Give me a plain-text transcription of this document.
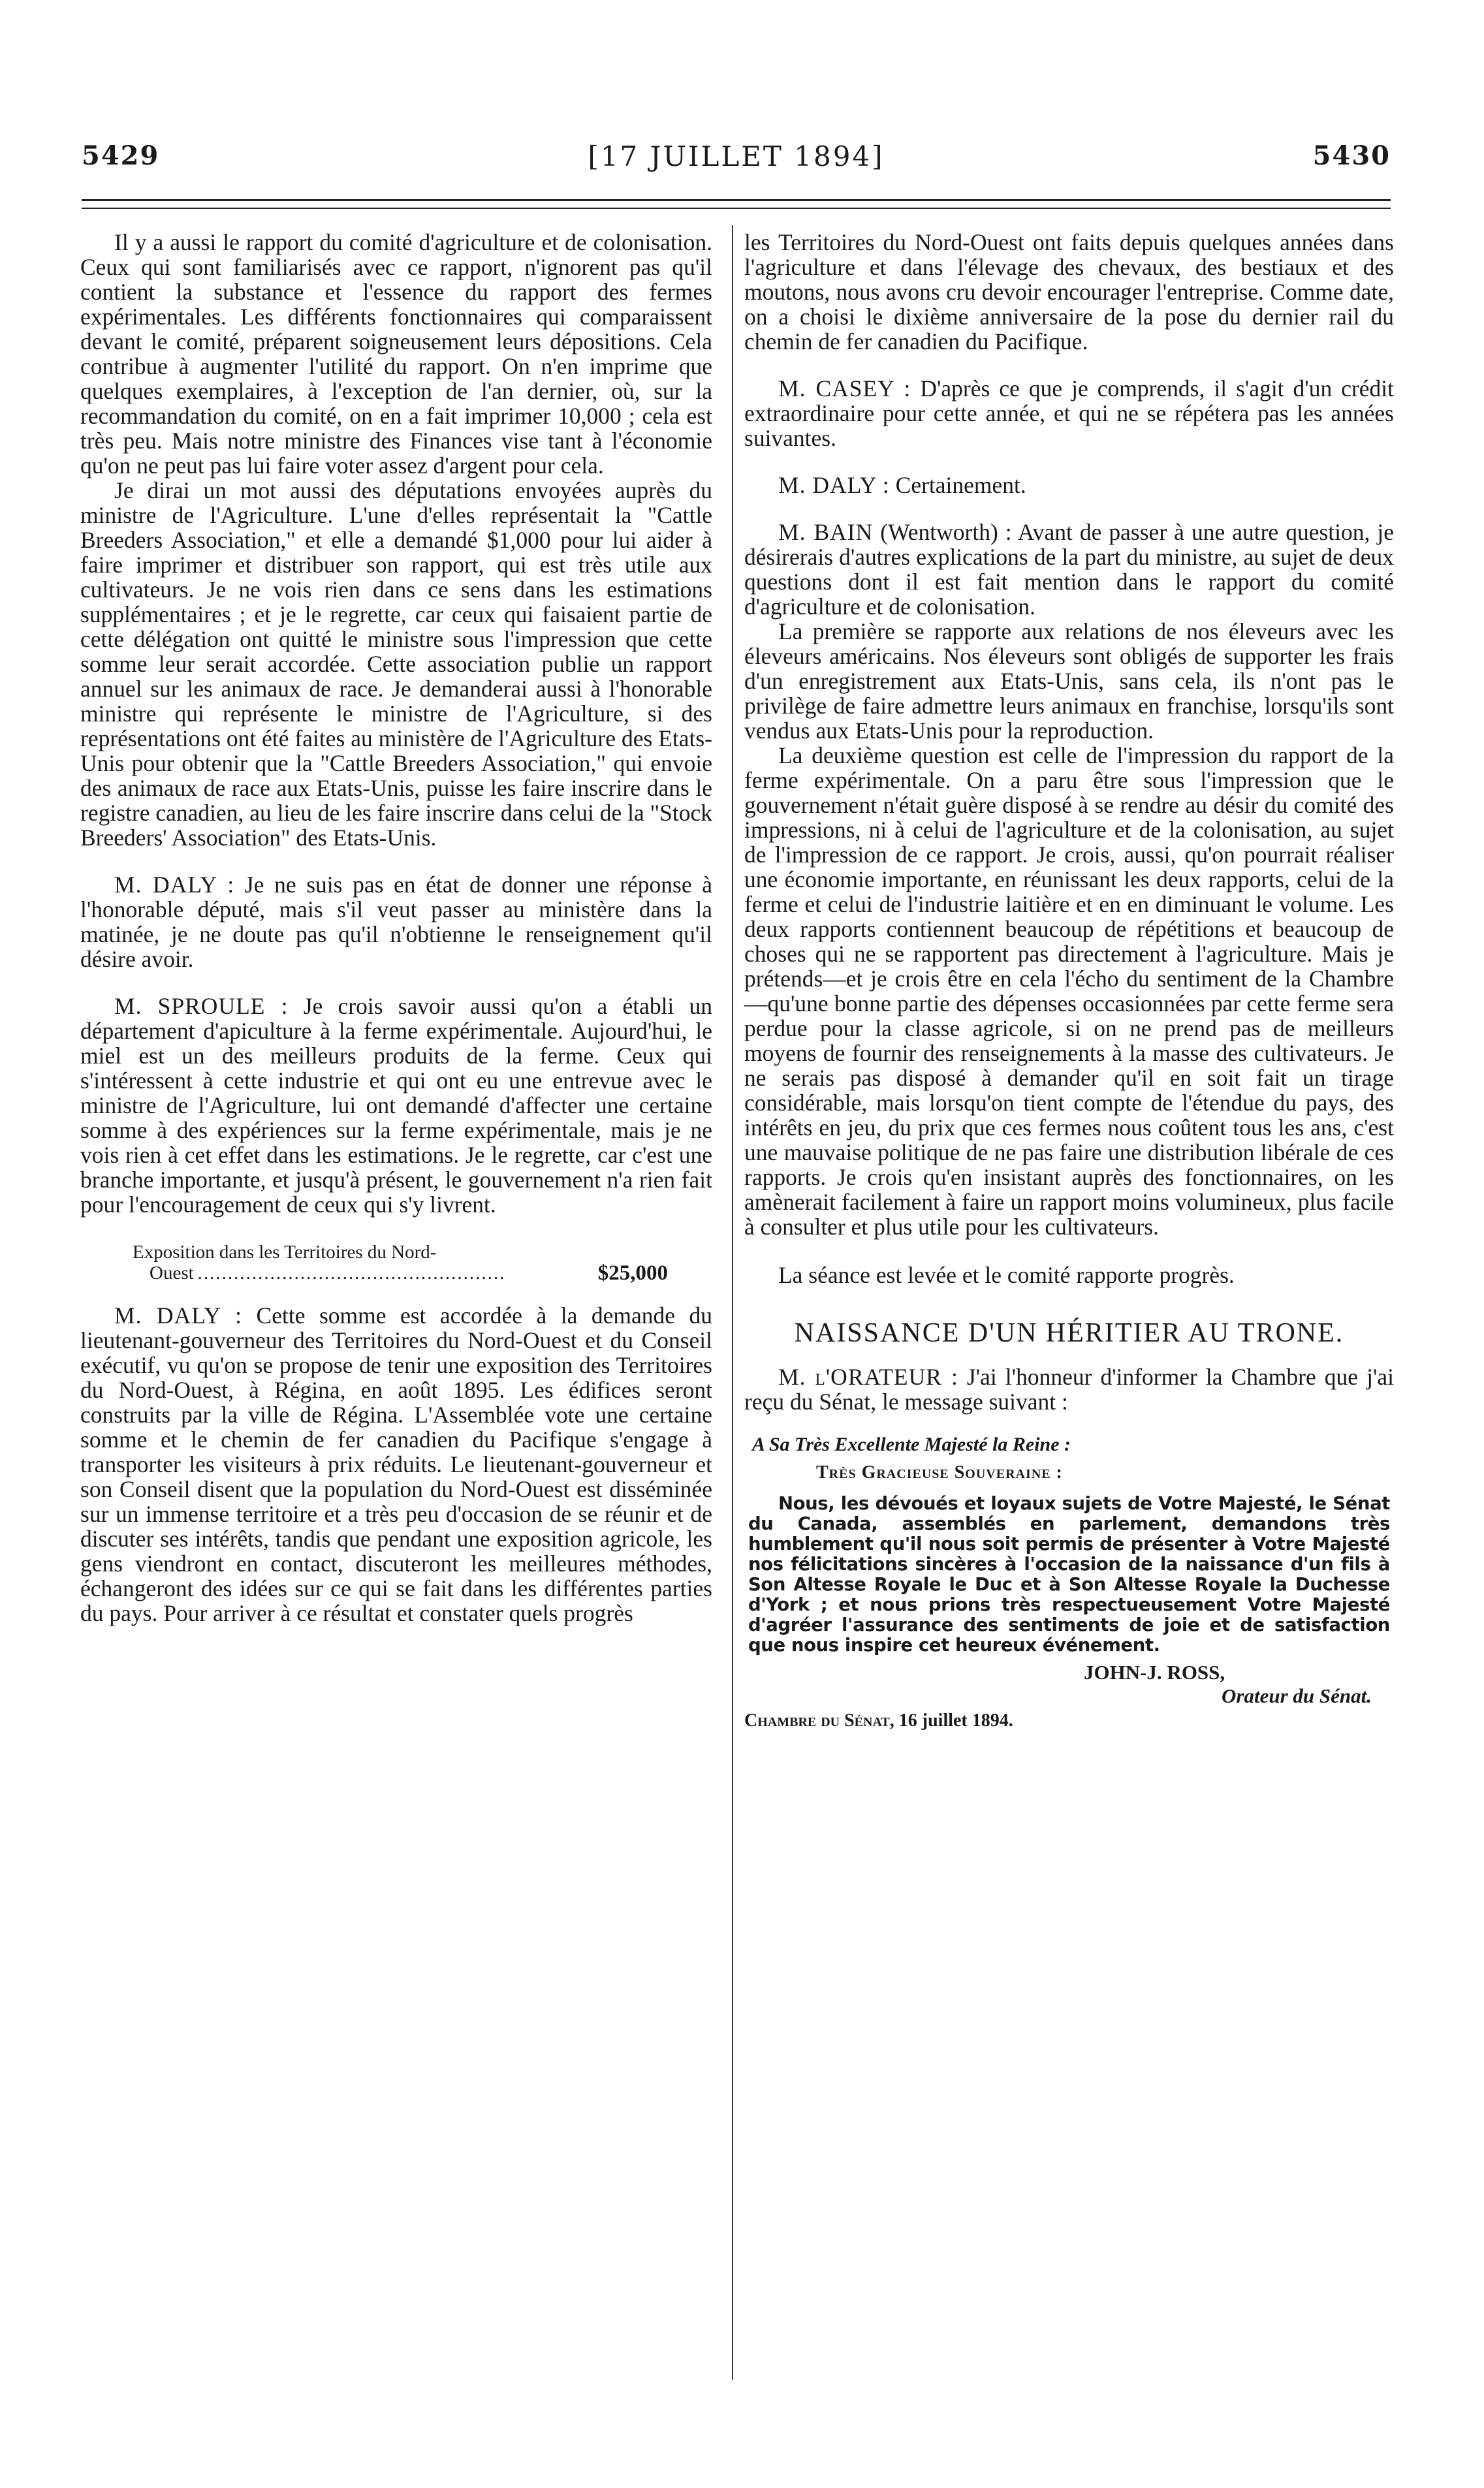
5429	[17 JUILLET 1894]	5430

Il y a aussi le rapport du comité d'agriculture et de colonisation. Ceux qui sont familiarisés avec ce rapport, n'ignorent pas qu'il contient la substance et l'essence du rapport des fermes expérimentales. Les différents fonctionnaires qui comparaissent devant le comité, préparent soigneusement leurs dépositions. Cela contribue à augmenter l'utilité du rapport. On n'en imprime que quelques exemplaires, à l'exception de l'an dernier, où, sur la recommandation du comité, on en a fait imprimer 10,000 ; cela est très peu. Mais notre ministre des Finances vise tant à l'économie qu'on ne peut pas lui faire voter assez d'argent pour cela.

Je dirai un mot aussi des députations envoyées auprès du ministre de l'Agriculture. L'une d'elles représentait la "Cattle Breeders Association," et elle a demandé $1,000 pour lui aider à faire imprimer et distribuer son rapport, qui est très utile aux cultivateurs. Je ne vois rien dans ce sens dans les estimations supplémentaires ; et je le regrette, car ceux qui faisaient partie de cette délégation ont quitté le ministre sous l'impression que cette somme leur serait accordée. Cette association publie un rapport annuel sur les animaux de race. Je demanderai aussi à l'honorable ministre qui représente le ministre de l'Agriculture, si des représentations ont été faites au ministère de l'Agriculture des Etats-Unis pour obtenir que la "Cattle Breeders Association," qui envoie des animaux de race aux Etats-Unis, puisse les faire inscrire dans le registre canadien, au lieu de les faire inscrire dans celui de la "Stock Breeders' Association" des Etats-Unis.

M. DALY : Je ne suis pas en état de donner une réponse à l'honorable député, mais s'il veut passer au ministère dans la matinée, je ne doute pas qu'il n'obtienne le renseignement qu'il désire avoir.

M. SPROULE : Je crois savoir aussi qu'on a établi un département d'apiculture à la ferme expérimentale. Aujourd'hui, le miel est un des meilleurs produits de la ferme. Ceux qui s'intéressent à cette industrie et qui ont eu une entrevue avec le ministre de l'Agriculture, lui ont demandé d'affecter une certaine somme à des expériences sur la ferme expérimentale, mais je ne vois rien à cet effet dans les estimations. Je le regrette, car c'est une branche importante, et jusqu'à présent, le gouvernement n'a rien fait pour l'encouragement de ceux qui s'y livrent.

Exposition dans les Territoires du Nord-
Ouest ...................................................	$25,000

M. DALY : Cette somme est accordée à la demande du lieutenant-gouverneur des Territoires du Nord-Ouest et du Conseil exécutif, vu qu'on se propose de tenir une exposition des Territoires du Nord-Ouest, à Régina, en août 1895. Les édifices seront construits par la ville de Régina. L'Assemblée vote une certaine somme et le chemin de fer canadien du Pacifique s'engage à transporter les visiteurs à prix réduits. Le lieutenant-gouverneur et son Conseil disent que la population du Nord-Ouest est disséminée sur un immense territoire et a très peu d'occasion de se réunir et de discuter ses intérêts, tandis que pendant une exposition agricole, les gens viendront en contact, discuteront les meilleures méthodes, échangeront des idées sur ce qui se fait dans les différentes parties du pays. Pour arriver à ce résultat et constater quels progrès

les Territoires du Nord-Ouest ont faits depuis quelques années dans l'agriculture et dans l'élevage des chevaux, des bestiaux et des moutons, nous avons cru devoir encourager l'entreprise. Comme date, on a choisi le dixième anniversaire de la pose du dernier rail du chemin de fer canadien du Pacifique.

M. CASEY : D'après ce que je comprends, il s'agit d'un crédit extraordinaire pour cette année, et qui ne se répétera pas les années suivantes.

M. DALY : Certainement.

M. BAIN (Wentworth) : Avant de passer à une autre question, je désirerais d'autres explications de la part du ministre, au sujet de deux questions dont il est fait mention dans le rapport du comité d'agriculture et de colonisation.

La première se rapporte aux relations de nos éleveurs avec les éleveurs américains. Nos éleveurs sont obligés de supporter les frais d'un enregistrement aux Etats-Unis, sans cela, ils n'ont pas le privilège de faire admettre leurs animaux en franchise, lorsqu'ils sont vendus aux Etats-Unis pour la reproduction.

La deuxième question est celle de l'impression du rapport de la ferme expérimentale. On a paru être sous l'impression que le gouvernement n'était guère disposé à se rendre au désir du comité des impressions, ni à celui de l'agriculture et de la colonisation, au sujet de l'impression de ce rapport. Je crois, aussi, qu'on pourrait réaliser une économie importante, en réunissant les deux rapports, celui de la ferme et celui de l'industrie laitière et en en diminuant le volume. Les deux rapports contiennent beaucoup de répétitions et beaucoup de choses qui ne se rapportent pas directement à l'agriculture. Mais je prétends—et je crois être en cela l'écho du sentiment de la Chambre—qu'une bonne partie des dépenses occasionnées par cette ferme sera perdue pour la classe agricole, si on ne prend pas de meilleurs moyens de fournir des renseignements à la masse des cultivateurs. Je ne serais pas disposé à demander qu'il en soit fait un tirage considérable, mais lorsqu'on tient compte de l'étendue du pays, des intérêts en jeu, du prix que ces fermes nous coûtent tous les ans, c'est une mauvaise politique de ne pas faire une distribution libérale de ces rapports. Je crois qu'en insistant auprès des fonctionnaires, on les amènerait facilement à faire un rapport moins volumineux, plus facile à consulter et plus utile pour les cultivateurs.

La séance est levée et le comité rapporte progrès.

NAISSANCE D'UN HÉRITIER AU TRONE.

M. l'ORATEUR : J'ai l'honneur d'informer la Chambre que j'ai reçu du Sénat, le message suivant :

A Sa Très Excellente Majesté la Reine :
Très Gracieuse Souveraine :

Nous, les dévoués et loyaux sujets de Votre Majesté, le Sénat du Canada, assemblés en parlement, demandons très humblement qu'il nous soit permis de présenter à Votre Majesté nos félicitations sincères à l'occasion de la naissance d'un fils à Son Altesse Royale le Duc et à Son Altesse Royale la Duchesse d'York ; et nous prions très respectueusement Votre Majesté d'agréer l'assurance des sentiments de joie et de satisfaction que nous inspire cet heureux événement.

JOHN-J. ROSS,
Orateur du Sénat.
Chambre du Sénat, 16 juillet 1894.
